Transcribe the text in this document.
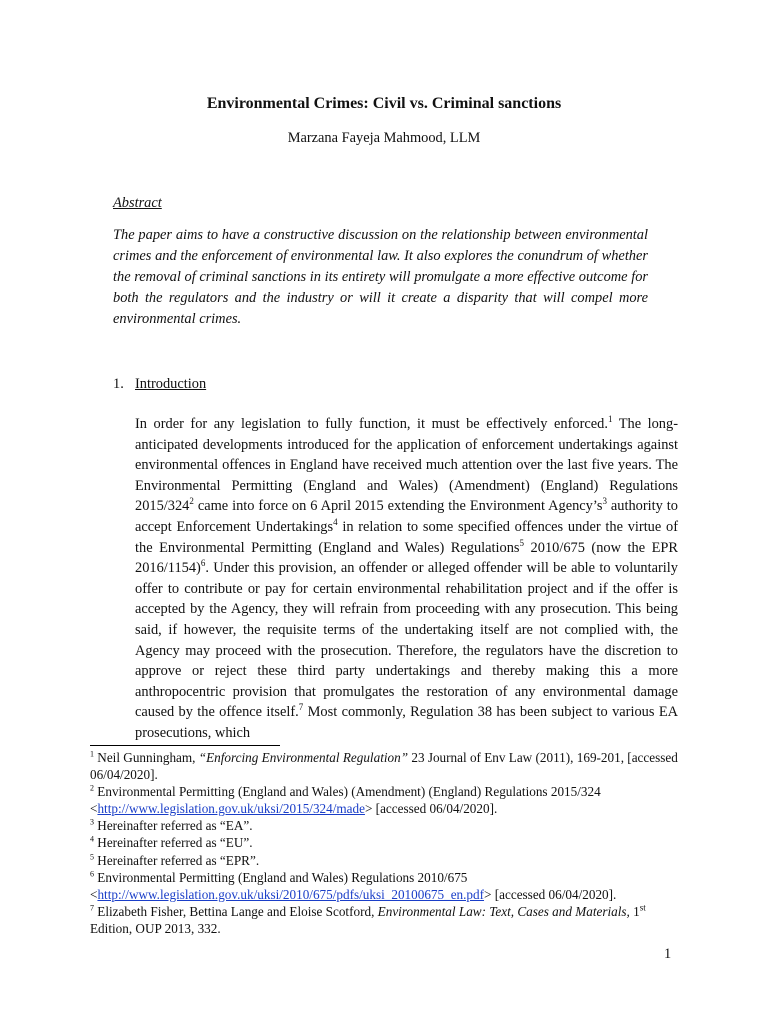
Environmental Crimes: Civil vs. Criminal sanctions
Marzana Fayeja Mahmood, LLM
Abstract

The paper aims to have a constructive discussion on the relationship between environmental crimes and the enforcement of environmental law. It also explores the conundrum of whether the removal of criminal sanctions in its entirety will promulgate a more effective outcome for both the regulators and the industry or will it create a disparity that will compel more environmental crimes.

1. Introduction

In order for any legislation to fully function, it must be effectively enforced.$^1$ The long-anticipated developments introduced for the application of enforcement undertakings against environmental offences in England have received much attention over the last five years. The Environmental Permitting (England and Wales) (Amendment) (England) Regulations $2015/324^2$ came into force on 6 April 2015 extending the Environment $Agency’s^3$ authority to accept Enforcement Undertakings$^4$ in relation to some specified offences under the virtue of the Environmental Permitting (England and Wales) Regulations$^5$ 2010/675 (now the EPR 2016/1154)$^6$. Under this provision, an offender or alleged offender will be able to voluntarily offer to contribute or pay for certain environmental rehabilitation project and if the offer is accepted by the Agency, they will refrain from proceeding with any prosecution. This being said, if however, the requisite terms of the undertaking itself are not complied with, the Agency may proceed with the prosecution. Therefore, the regulators have the discretion to approve or reject these third party undertakings and thereby making this a more anthropocentric provision that promulgates the restoration of any environmental damage caused by the offence itself.$^7$ Most commonly, Regulation 38 has been subject to various EA prosecutions, which

$^1$ Neil Gunningham, “Enforcing Environmental Regulation” 23 Journal of Env Law (2011), 169-201, [accessed 06/04/2020].

$^2$ Environmental Permitting (England and Wales) (Amendment) (England) Regulations 2015/324 <http://www.legislation.gov.uk/uksi/2015/324/made> [accessed 06/04/2020].

$^3$ Hereinafter referred as “EA”.

$^4$ Hereinafter referred as “EU”.

$^5$ Hereinafter referred as “EPR”.

$^6$ Environmental Permitting (England and Wales) Regulations 2010/675 <http://www.legislation.gov.uk/uksi/2010/675/pdfs/uksi_20100675_en.pdf> [accessed 06/04/2020].

$^7$ Elizabeth Fisher, Bettina Lange and Eloise Scotford, Environmental Law: Text, Cases and Materials, 1st Edition, OUP 2013, 332.

1
